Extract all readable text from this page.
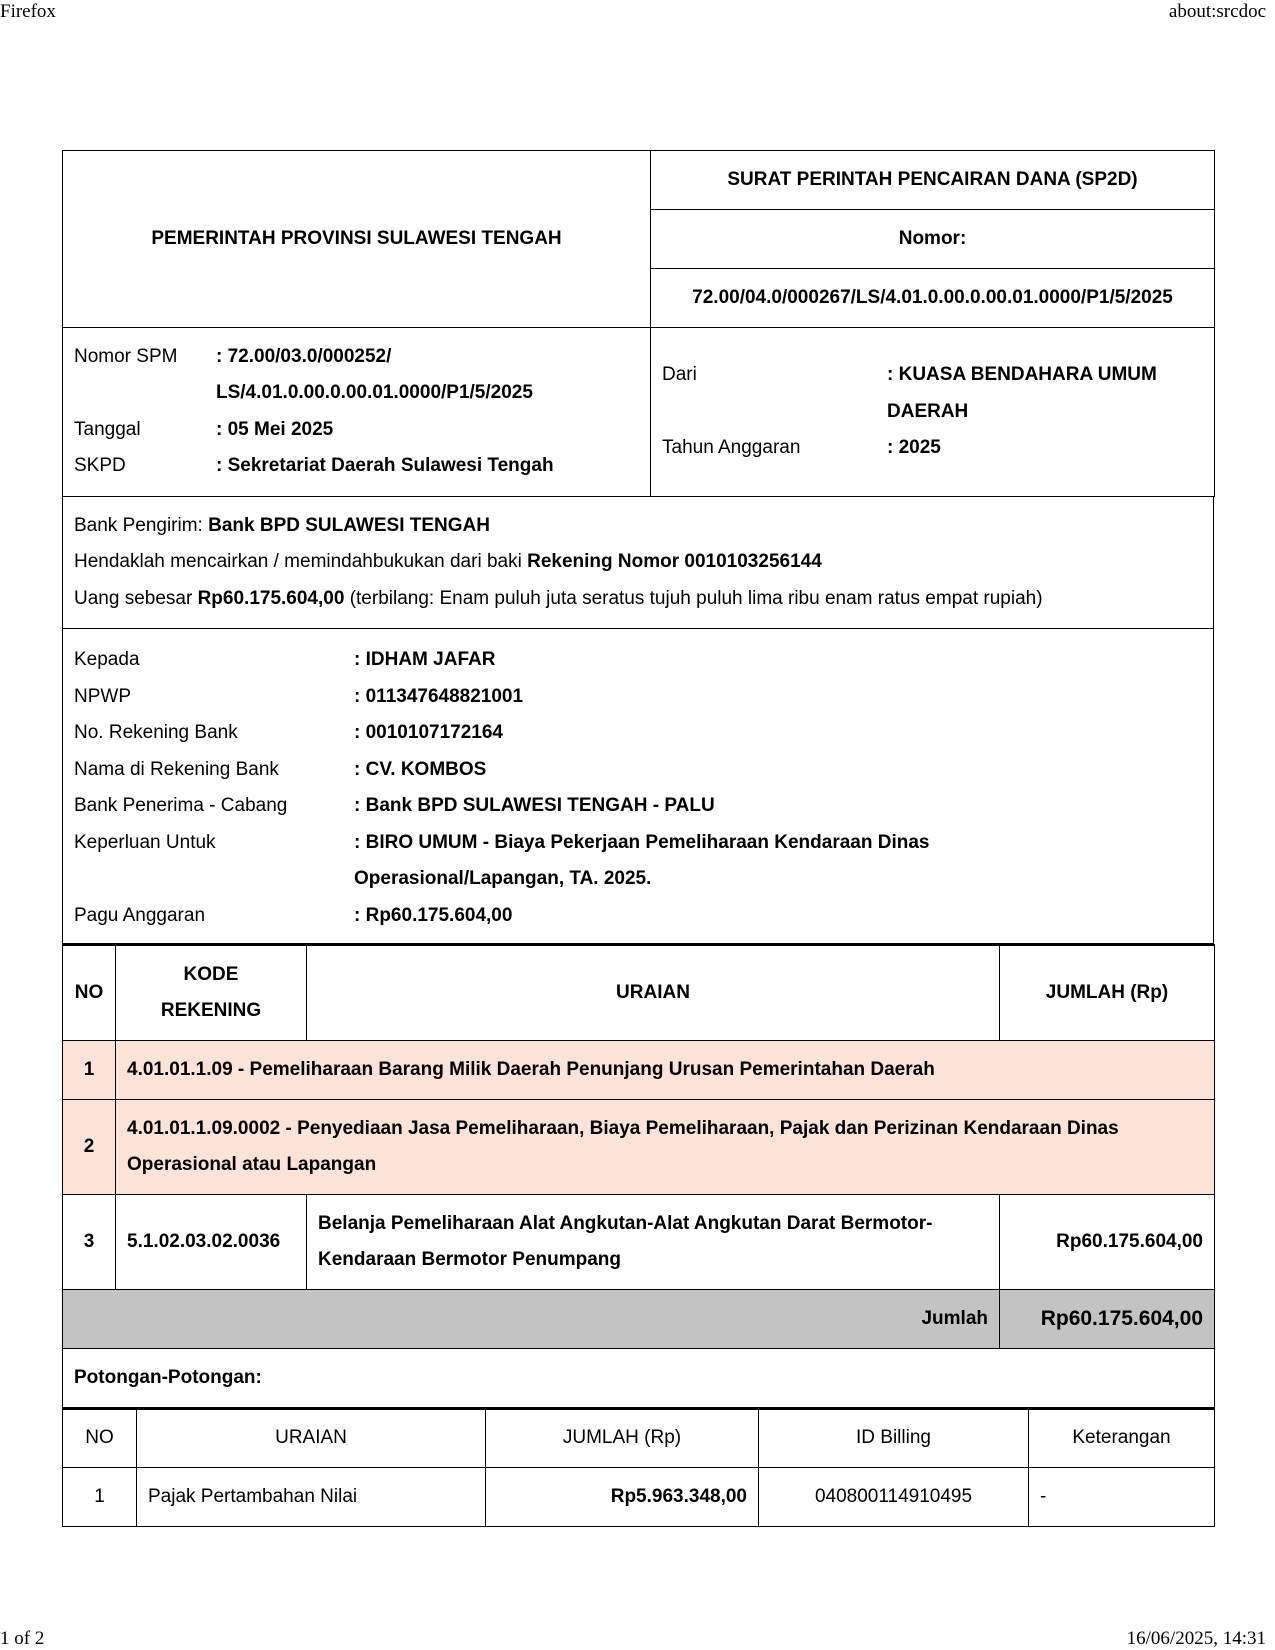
Firefox	about:srcdoc
PEMERINTAH PROVINSI SULAWESI TENGAH	SURAT PERINTAH PENCAIRAN DANA (SP2D)
Nomor:
72.00/04.0/000267/LS/4.01.0.00.0.00.01.0000/P1/5/2025
Nomor SPM	: 72.00/03.0/000252/ LS/4.01.0.00.0.00.01.0000/P1/5/2025
Tanggal	: 05 Mei 2025
SKPD	: Sekretariat Daerah Sulawesi Tengah

Dari	: KUASA BENDAHARA UMUM DAERAH
Tahun Anggaran	: 2025
Bank Pengirim: Bank BPD SULAWESI TENGAH
Hendaklah mencairkan / memindahbukukan dari baki Rekening Nomor 0010103256144
Uang sebesar Rp60.175.604,00 (terbilang: Enam puluh juta seratus tujuh puluh lima ribu enam ratus empat rupiah)
Kepada	: IDHAM JAFAR
NPWP	: 011347648821001
No. Rekening Bank	: 0010107172164
Nama di Rekening Bank	: CV. KOMBOS
Bank Penerima - Cabang	: Bank BPD SULAWESI TENGAH - PALU
Keperluan Untuk	: BIRO UMUM - Biaya Pekerjaan Pemeliharaan Kendaraan Dinas Operasional/Lapangan, TA. 2025.
Pagu Anggaran	: Rp60.175.604,00
NO	KODE REKENING	URAIAN	JUMLAH (Rp)
1	4.01.01.1.09 - Pemeliharaan Barang Milik Daerah Penunjang Urusan Pemerintahan Daerah		
2	4.01.01.1.09.0002 - Penyediaan Jasa Pemeliharaan, Biaya Pemeliharaan, Pajak dan Perizinan Kendaraan Dinas Operasional atau Lapangan		
3	5.1.02.03.02.0036	Belanja Pemeliharaan Alat Angkutan-Alat Angkutan Darat Bermotor-Kendaraan Bermotor Penumpang	Rp60.175.604,00
Jumlah			Rp60.175.604,00
Potongan-Potongan:			
NO	URAIAN	JUMLAH (Rp)	ID Billing	Keterangan
1	Pajak Pertambahan Nilai	Rp5.963.348,00	040800114910495	-
1 of 2	16/06/2025, 14:31
